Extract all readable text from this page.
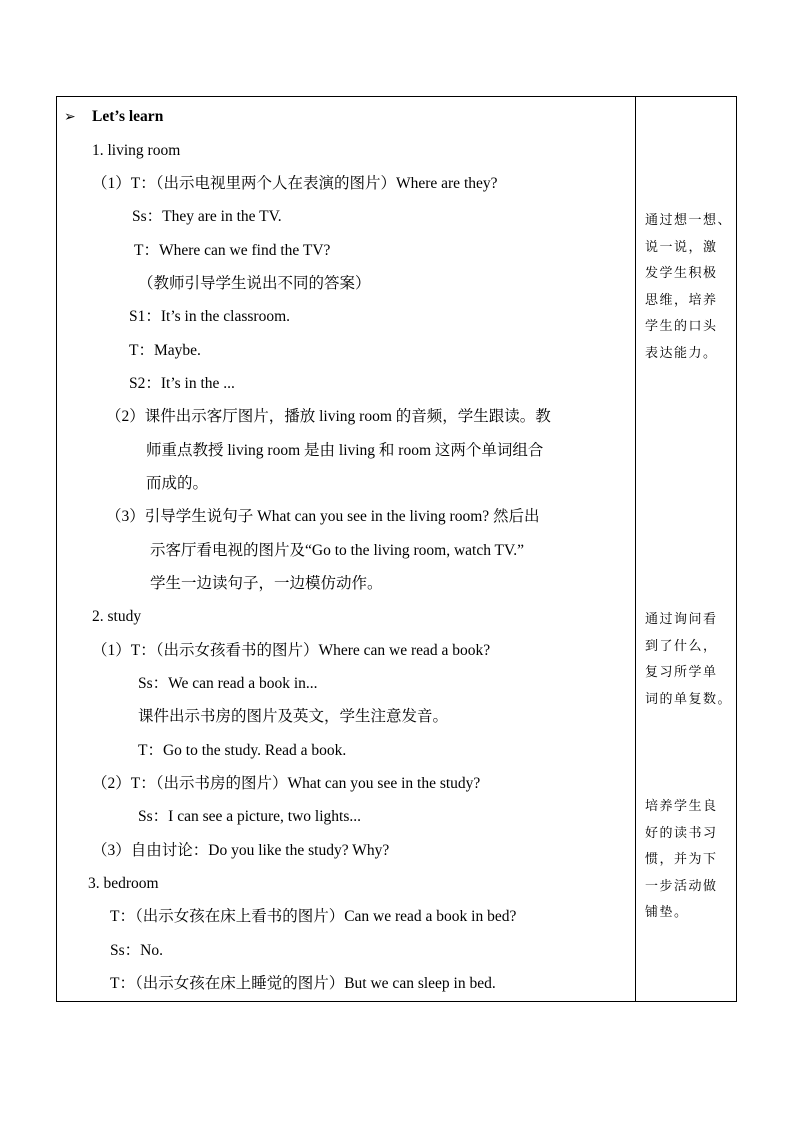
➢ Let’s learn
1. living room
（1）T：（出示电视里两个人在表演的图片）Where are they?
Ss：They are in the TV.
T：Where can we find the TV?
（教师引导学生说出不同的答案）
S1：It’s in the classroom.
T：Maybe.
S2：It’s in the ...
（2）课件出示客厅图片，播放 living room 的音频，学生跟读。教
师重点教授 living room 是由 living 和 room 这两个单词组合
而成的。
（3）引导学生说句子 What can you see in the living room? 然后出
示客厅看电视的图片及“Go to the living room, watch TV.”
学生一边读句子，一边模仿动作。
2. study
（1）T：（出示女孩看书的图片）Where can we read a book?
Ss：We can read a book in...
课件出示书房的图片及英文，学生注意发音。
T：Go to the study. Read a book.
（2）T：（出示书房的图片）What can you see in the study?
Ss：I can see a picture, two lights...
（3）自由讨论：Do you like the study? Why?
3. bedroom
T：（出示女孩在床上看书的图片）Can we read a book in bed?
Ss：No.
T：（出示女孩在床上睡觉的图片）But we can sleep in bed.
通过想一想、
说一说，激
发学生积极
思维，培养
学生的口头
表达能力。
通过询问看
到了什么，
复习所学单
词的单复数。
培养学生良
好的读书习
惯，并为下
一步活动做
铺垫。
